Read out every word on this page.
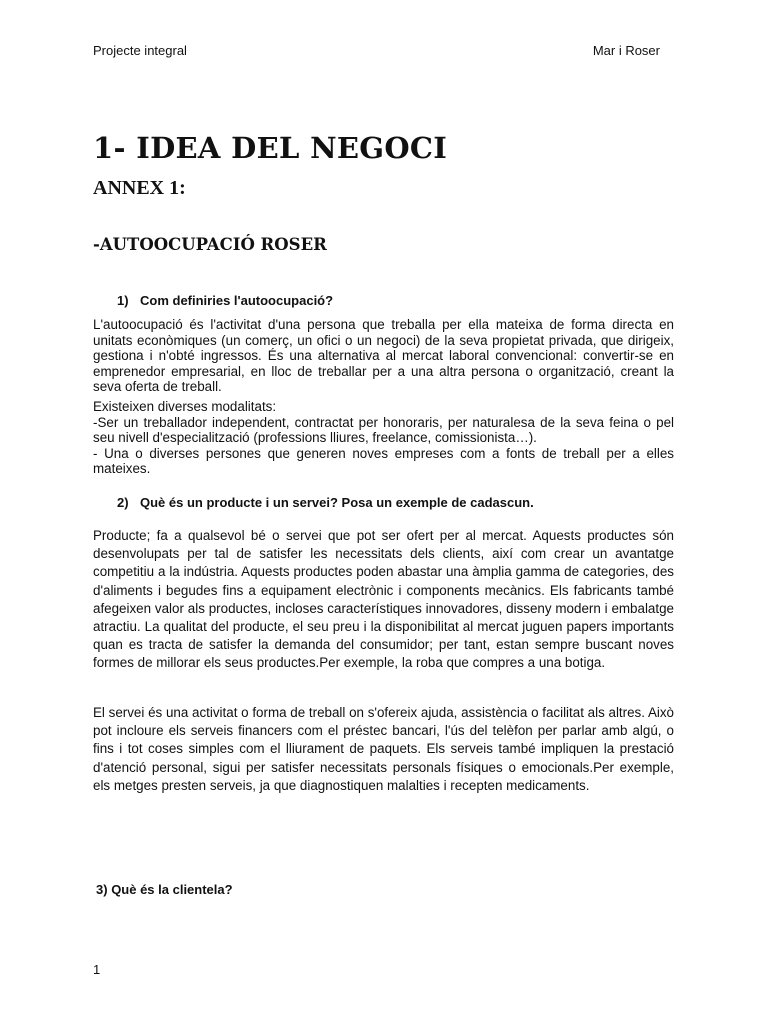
Projecte integral	Mar i Roser
1- IDEA DEL NEGOCI
ANNEX 1:
-AUTOOCUPACIÓ ROSER
1) Com definiries l'autoocupació?

L'autoocupació és l'activitat d'una persona que treballa per ella mateixa de forma directa en unitats econòmiques (un comerç, un ofici o un negoci) de la seva propietat privada, que dirigeix, gestiona i n'obté ingressos. És una alternativa al mercat laboral convencional: convertir-se en emprenedor empresarial, en lloc de treballar per a una altra persona o organització, creant la seva oferta de treball.

Existeixen diverses modalitats:

-Ser un treballador independent, contractat per honoraris, per naturalesa de la seva feina o pel seu nivell d'especialització (professions lliures, freelance, comissionista…).

- Una o diverses persones que generen noves empreses com a fonts de treball per a elles mateixes.

2) Què és un producte i un servei? Posa un exemple de cadascun.

Producte; fa a qualsevol bé o servei que pot ser ofert per al mercat. Aquests productes són desenvolupats per tal de satisfer les necessitats dels clients, així com crear un avantatge competitiu a la indústria. Aquests productes poden abastar una àmplia gamma de categories, des d'aliments i begudes fins a equipament electrònic i components mecànics. Els fabricants també afegeixen valor als productes, incloses característiques innovadores, disseny modern i embalatge atractiu. La qualitat del producte, el seu preu i la disponibilitat al mercat juguen papers importants quan es tracta de satisfer la demanda del consumidor; per tant, estan sempre buscant noves formes de millorar els seus productes.Per exemple, la roba que compres a una botiga.

El servei és una activitat o forma de treball on s'ofereix ajuda, assistència o facilitat als altres. Això pot incloure els serveis financers com el préstec bancari, l'ús del telèfon per parlar amb algú, o fins i tot coses simples com el lliurament de paquets. Els serveis també impliquen la prestació d'atenció personal, sigui per satisfer necessitats personals físiques o emocionals.Per exemple, els metges presten serveis, ja que diagnostiquen malalties i recepten medicaments.

3) Què és la clientela?
1
